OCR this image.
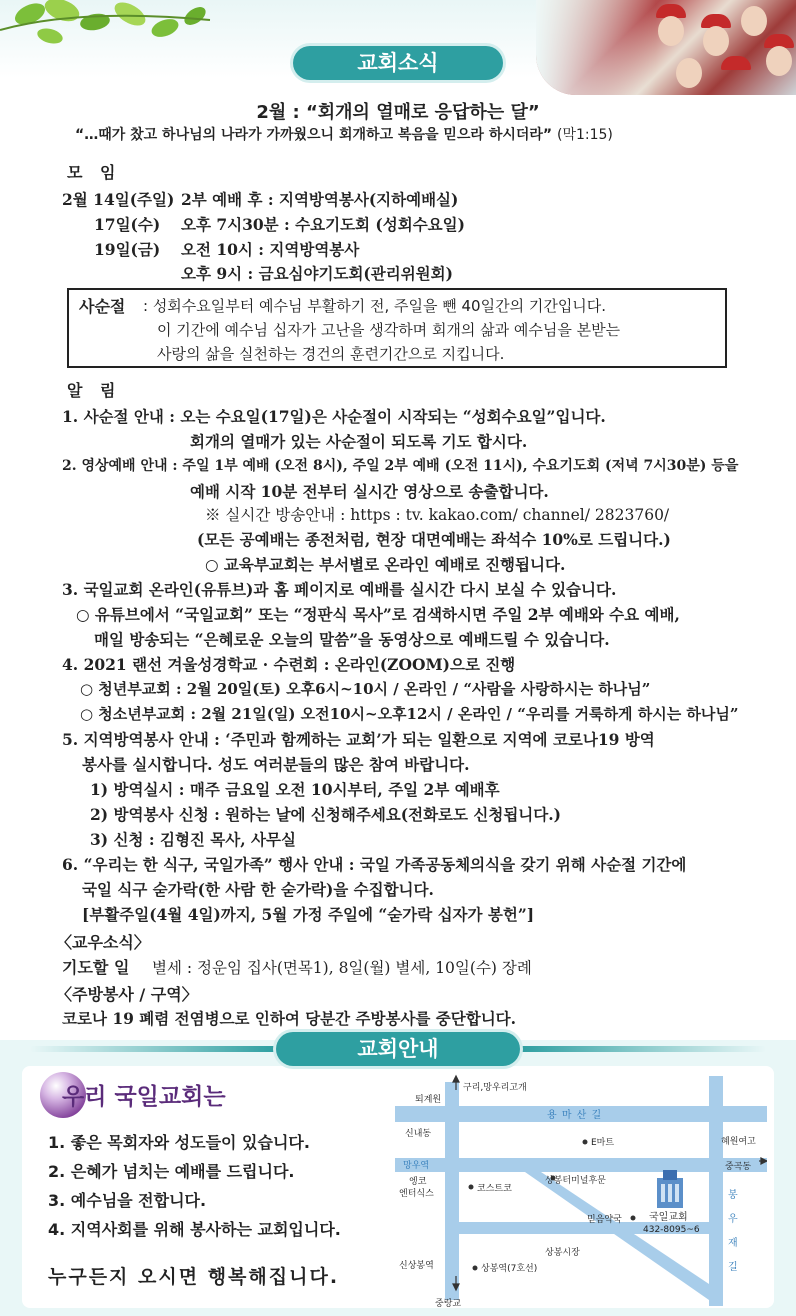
교회소식
2월 : “회개의 열매로 응답하는 달”
“…때가 찼고 하나님의 나라가 가까웠으니 회개하고 복음을 믿으라 하시더라” (막1:15)
모 임
2월 14일(주일) 2부 예배 후 : 지역방역봉사(지하예배실)
17일(수) 오후 7시30분 : 수요기도회 (성회수요일)
19일(금) 오전 10시 : 지역방역봉사
오후 9시 : 금요심야기도회(관리위원회)
사순절 : 성회수요일부터 예수님 부활하기 전, 주일을 뺀 40일간의 기간입니다.
이 기간에 예수님 십자가 고난을 생각하며 회개의 삶과 예수님을 본받는
사랑의 삶을 실천하는 경건의 훈련기간으로 지킵니다.
알 림
1. 사순절 안내 : 오는 수요일(17일)은 사순절이 시작되는 “성회수요일”입니다.
회개의 열매가 있는 사순절이 되도록 기도 합시다.
2. 영상예배 안내 : 주일 1부 예배 (오전 8시), 주일 2부 예배 (오전 11시), 수요기도회 (저녁 7시30분) 등을
예배 시작 10분 전부터 실시간 영상으로 송출합니다.
※ 실시간 방송안내 : https : tv. kakao.com/ channel/ 2823760/
(모든 공예배는 종전처럼, 현장 대면예배는 좌석수 10%로 드립니다.)
○ 교육부교회는 부서별로 온라인 예배로 진행됩니다.
3. 국일교회 온라인(유튜브)과 홈 페이지로 예배를 실시간 다시 보실 수 있습니다.
○ 유튜브에서 “국일교회” 또는 “정판식 목사”로 검색하시면 주일 2부 예배와 수요 예배,
매일 방송되는 “은혜로운 오늘의 말씀”을 동영상으로 예배드릴 수 있습니다.
4. 2021 랜선 겨울성경학교 · 수련회 : 온라인(ZOOM)으로 진행
○ 청년부교회 : 2월 20일(토) 오후6시~10시 / 온라인 / “사람을 사랑하시는 하나님”
○ 청소년부교회 : 2월 21일(일) 오전10시~오후12시 / 온라인 / “우리를 거룩하게 하시는 하나님”
5. 지역방역봉사 안내 : ‘주민과 함께하는 교회’가 되는 일환으로 지역에 코로나19 방역
봉사를 실시합니다. 성도 여러분들의 많은 참여 바랍니다.
1) 방역실시 : 매주 금요일 오전 10시부터, 주일 2부 예배후
2) 방역봉사 신청 : 원하는 날에 신청해주세요(전화로도 신청됩니다.)
3) 신청 : 김형진 목사, 사무실
6. “우리는 한 식구, 국일가족” 행사 안내 : 국일 가족공동체의식을 갖기 위해 사순절 기간에
국일 식구 숟가락(한 사람 한 숟가락)을 수집합니다.
[부활주일(4월 4일)까지, 5월 가정 주일에 “숟가락 십자가 봉헌”]
〈교우소식〉
기도할 일 별세 : 정운임 집사(면목1), 8일(월) 별세, 10일(수) 장례
〈주방봉사 / 구역〉
코로나 19 폐렴 전염병으로 인하여 당분간 주방봉사를 중단합니다.
교회안내
우리 국일교회는
1. 좋은 목회자와 성도들이 있습니다.
2. 은혜가 넘치는 예배를 드립니다.
3. 예수님을 전합니다.
4. 지역사회를 위해 봉사하는 교회입니다.
누구든지 오시면 행복해집니다.
구리,망우리고개
퇴계원
용 마 산 길
신내동
E마트	혜원여고
망우역	중곡동
엥코
엔터식스	코스트코
상봉터미널후문
국일교회
432-8095~6
믿음약국
상봉시장
신상봉역	상봉역(7호선)
중랑교
봉
우
재
길
